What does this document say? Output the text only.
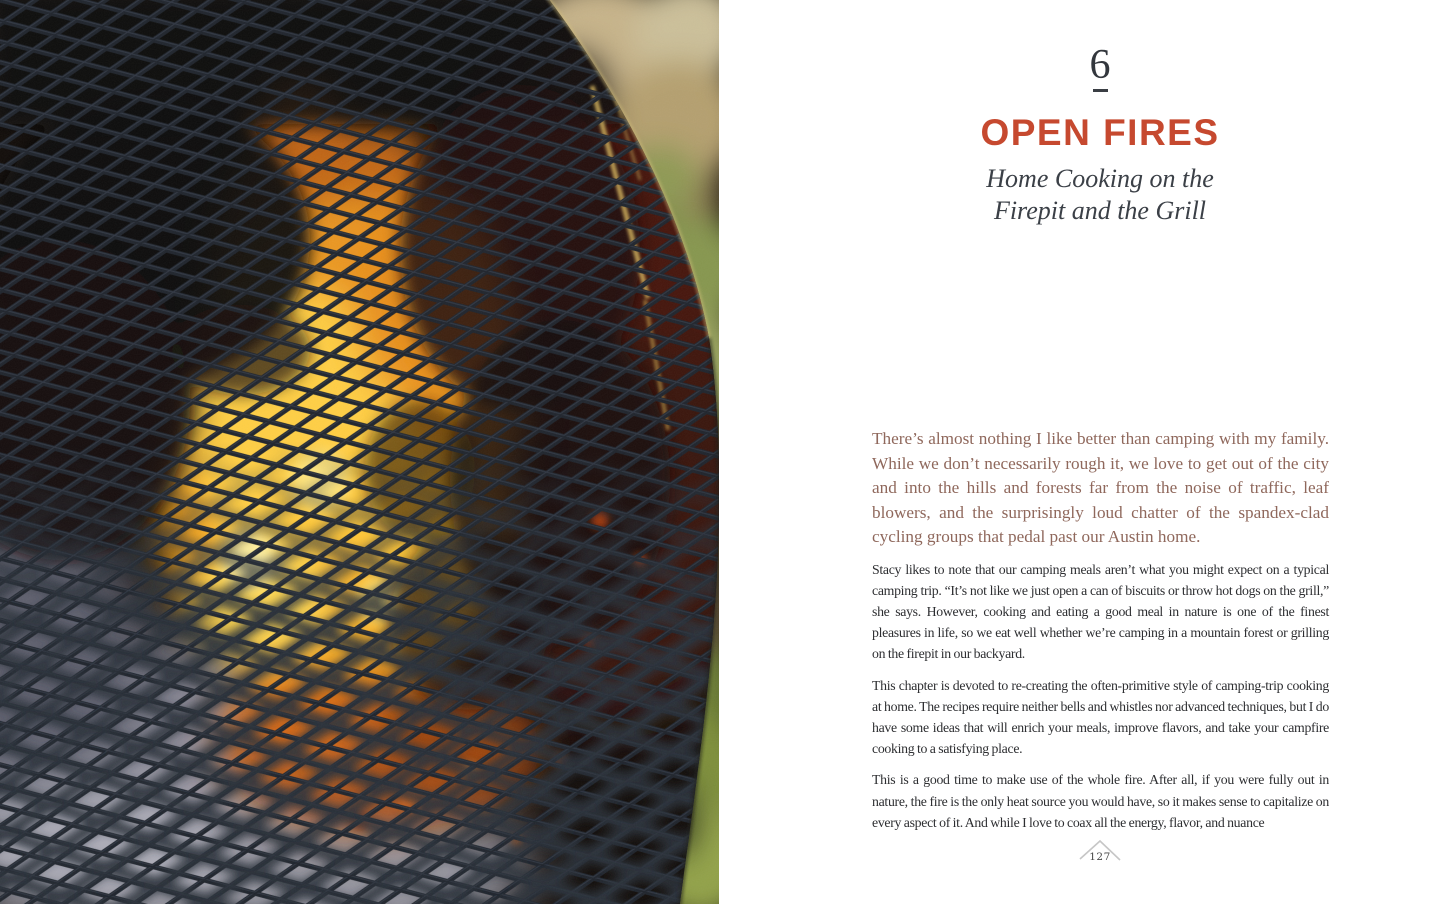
6
OPEN FIRES
Home Cooking on the
Firepit and the Grill

There’s almost nothing I like better than camping with my family. While we don’t necessarily rough it, we love to get out of the city and into the hills and forests far from the noise of traffic, leaf blowers, and the surprisingly loud chatter of the spandex-clad cycling groups that pedal past our Austin home.

Stacy likes to note that our camping meals aren’t what you might expect on a typical camping trip. “It’s not like we just open a can of biscuits or throw hot dogs on the grill,” she says. However, cooking and eating a good meal in nature is one of the finest pleasures in life, so we eat well whether we’re camping in a mountain forest or grilling on the firepit in our backyard.

This chapter is devoted to re-creating the often-primitive style of camping-trip cooking at home. The recipes require neither bells and whistles nor advanced techniques, but I do have some ideas that will enrich your meals, improve flavors, and take your campfire cooking to a satisfying place.

This is a good time to make use of the whole fire. After all, if you were fully out in nature, the fire is the only heat source you would have, so it makes sense to capitalize on every aspect of it. And while I love to coax all the energy, flavor, and nuance

127
